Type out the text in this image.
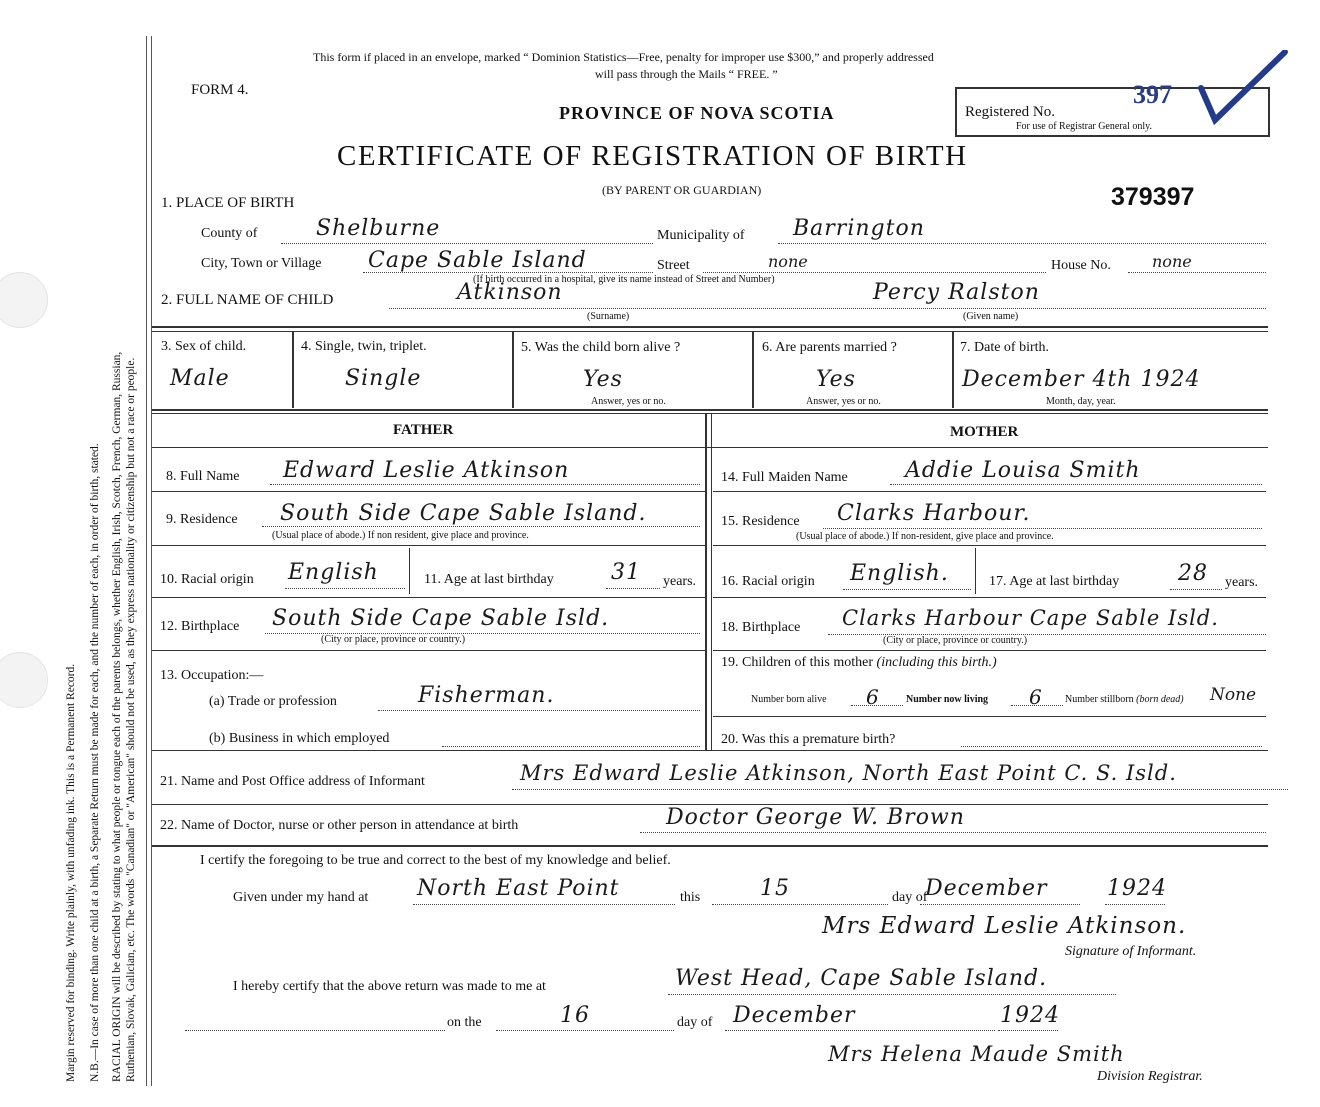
Margin reserved for binding. Write plainly, with unfading ink. This is a Permanent Record. N.B.—In case of more than one child at a birth, a Separate Return must be made for each, and the number of each, in order of birth, stated. RACIAL ORIGIN will be described by stating to what people or tongue each of the parents belongs, whether English, Irish, Scotch, French, German, Russian, Ruthenian, Slovak, Galician, etc. The words "Canadian" or "American" should not be used, as they express nationality or citizenship but not a race or people.
This form if placed in an envelope, marked “ Dominion Statistics—Free, penalty for improper use $300,” and properly addressed
will pass through the Mails “ FREE. ”
FORM 4.
PROVINCE OF NOVA SCOTIA
CERTIFICATE OF REGISTRATION OF BIRTH
(BY PARENT OR GUARDIAN)
Registered No.
397
For use of Registrar General only.
379397
1. PLACE OF BIRTH
County of	Shelburne	Municipality of Barrington
City, Town or Village Cape Sable Island	Street	none	House No.	none
(If birth occurred in a hospital, give its name instead of Street and Number)
2. FULL NAME OF CHILD	Atkinson	Percy Ralston
(Surname)	(Given name)
3. Sex of child.
Male
4. Single, twin, triplet.
Single
5. Was the child born alive ?
Yes
Answer, yes or no.
6. Are parents married ?
Yes
Answer, yes or no.
7. Date of birth.
December 4th 1924
Month, day, year.
FATHER	MOTHER
8. Full Name Edward Leslie Atkinson
9. Residence South Side Cape Sable Island.
(Usual place of abode.) If non resident, give place and province.
10. Racial origin English	11. Age at last birthday	31 years.
12. Birthplace South Side Cape Sable Isld.
(City or place, province or country.)
13. Occupation:—
(a) Trade or profession	Fisherman.
(b) Business in which employed
14. Full Maiden Name	Addie Louisa Smith
15. Residence Clarks Harbour.
(Usual place of abode.) If non-resident, give place and province.
16. Racial origin English.	17. Age at last birthday	28 years.
18. Birthplace Clarks Harbour Cape Sable Isld.
(City or place, province or country.)
19. Children of this mother (including this birth.)
Number born alive 6	Number now living 6 Number stillborn (born dead) None
20. Was this a premature birth?
21. Name and Post Office address of Informant	Mrs Edward Leslie Atkinson, North East Point C. S. Isld.
22. Name of Doctor, nurse or other person in attendance at birth	Doctor George W. Brown
I certify the foregoing to be true and correct to the best of my knowledge and belief.
Given under my hand at North East Point	this	15	day of
December	1924
Mrs Edward Leslie Atkinson.
Signature of Informant.
I hereby certify that the above return was made to me at	West Head, Cape Sable Island.
on the	16	day of December	1924
Mrs Helena Maude Smith
Division Registrar.
